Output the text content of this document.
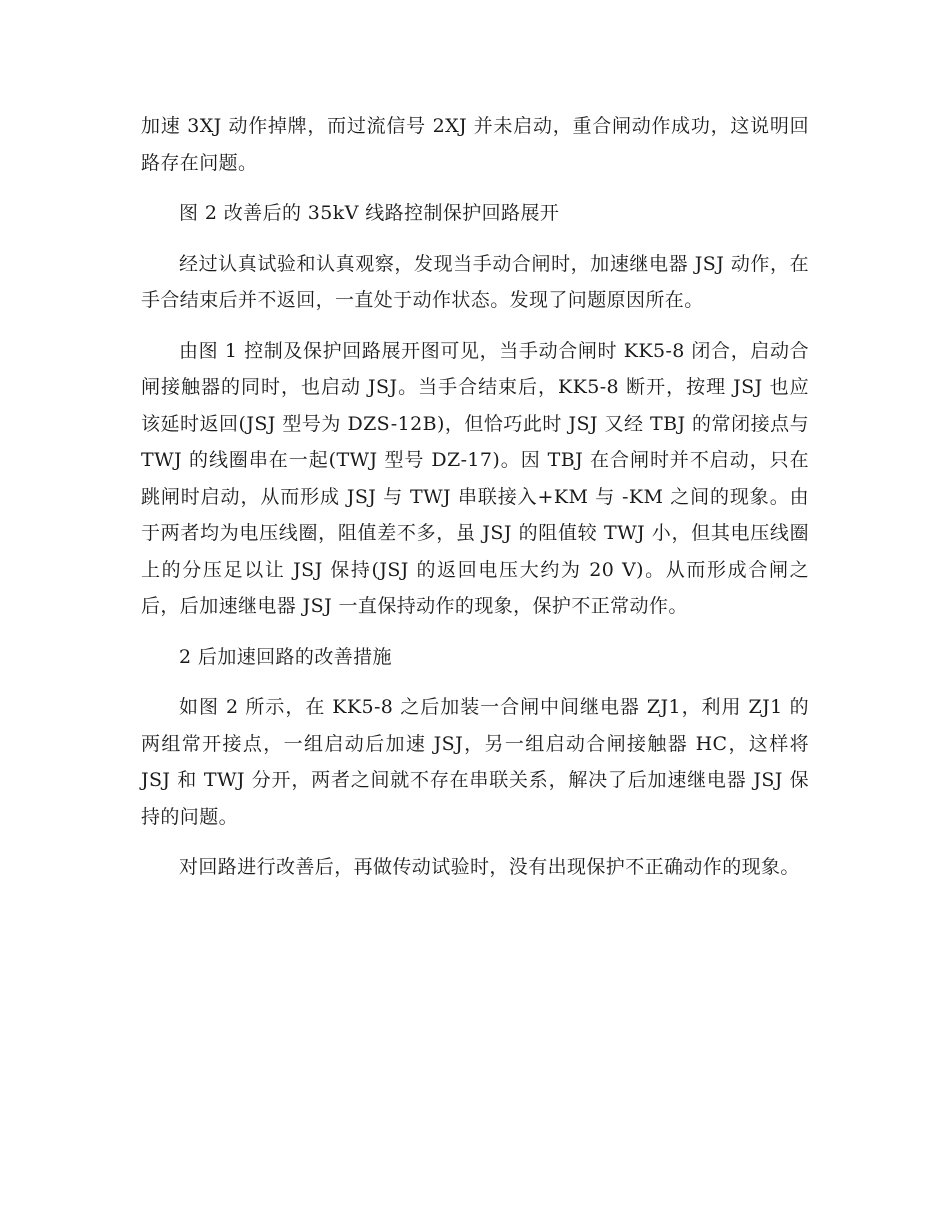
加速 3XJ 动作掉牌，而过流信号 2XJ 并未启动，重合闸动作成功，这说明回路存在问题。

图 2 改善后的 35kV 线路控制保护回路展开

经过认真试验和认真观察，发现当手动合闸时，加速继电器 JSJ 动作，在手合结束后并不返回，一直处于动作状态。发现了问题原因所在。

由图 1 控制及保护回路展开图可见，当手动合闸时 KK5-8 闭合，启动合闸接触器的同时，也启动 JSJ。当手合结束后，KK5-8 断开，按理 JSJ 也应该延时返回(JSJ 型号为 DZS-12B)，但恰巧此时 JSJ 又经 TBJ 的常闭接点与 TWJ 的线圈串在一起(TWJ 型号 DZ-17)。因 TBJ 在合闸时并不启动，只在跳闸时启动，从而形成 JSJ 与 TWJ 串联接入+KM 与 -KM 之间的现象。由于两者均为电压线圈，阻值差不多，虽 JSJ 的阻值较 TWJ 小，但其电压线圈上的分压足以让 JSJ 保持(JSJ 的返回电压大约为 20 V)。从而形成合闸之后，后加速继电器 JSJ 一直保持动作的现象，保护不正常动作。

2 后加速回路的改善措施

如图 2 所示，在 KK5-8 之后加装一合闸中间继电器 ZJ1，利用 ZJ1 的两组常开接点，一组启动后加速 JSJ，另一组启动合闸接触器 HC，这样将 JSJ 和 TWJ 分开，两者之间就不存在串联关系，解决了后加速继电器 JSJ 保持的问题。

对回路进行改善后，再做传动试验时，没有出现保护不正确动作的现象。
